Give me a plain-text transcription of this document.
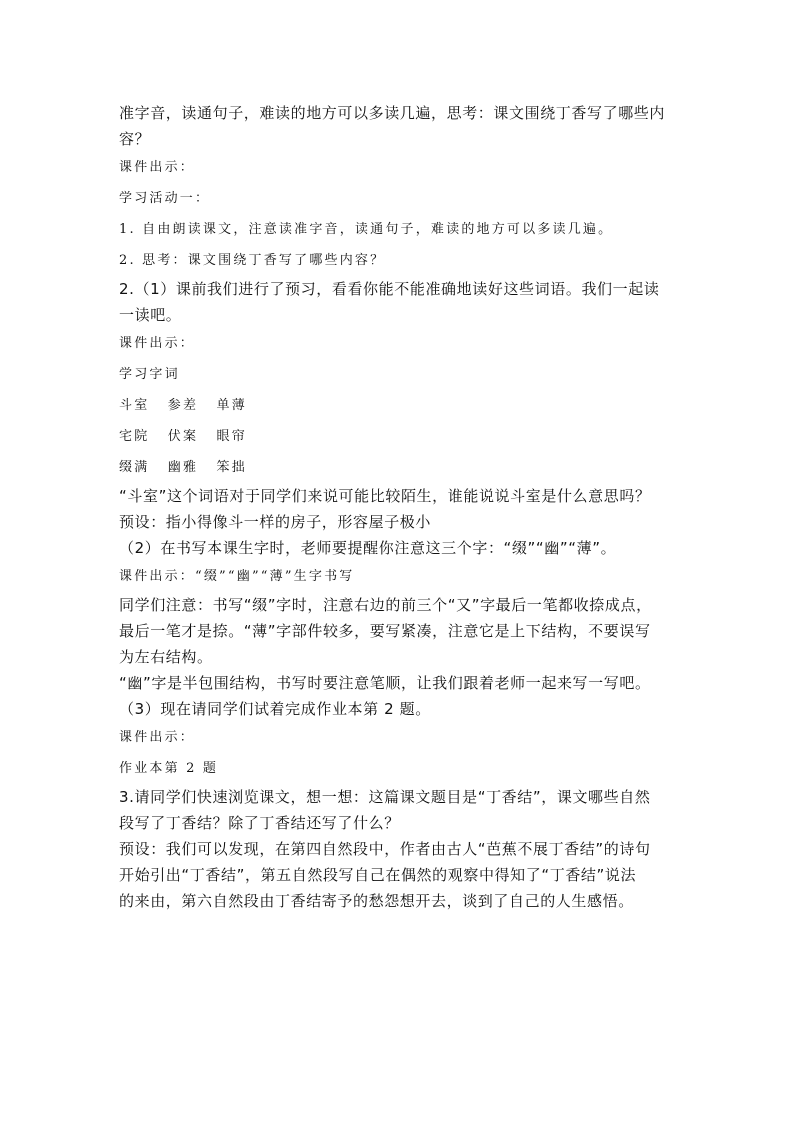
准字音，读通句子，难读的地方可以多读几遍，思考：课文围绕丁香写了哪些内
容？
课件出示：
学习活动一：
1. 自由朗读课文，注意读准字音，读通句子，难读的地方可以多读几遍。
2. 思考：课文围绕丁香写了哪些内容？
2.（1）课前我们进行了预习，看看你能不能准确地读好这些词语。我们一起读
一读吧。
课件出示：
学习字词
斗室 参差 单薄
宅院 伏案 眼帘
缀满 幽雅 笨拙
“斗室”这个词语对于同学们来说可能比较陌生，谁能说说斗室是什么意思吗？
预设：指小得像斗一样的房子，形容屋子极小
（2）在书写本课生字时，老师要提醒你注意这三个字：“缀”“幽”“薄”。
课件出示：“缀”“幽”“薄”生字书写
同学们注意：书写“缀”字时，注意右边的前三个“又”字最后一笔都收捺成点，
最后一笔才是捺。“薄”字部件较多，要写紧凑，注意它是上下结构，不要误写
为左右结构。
“幽”字是半包围结构，书写时要注意笔顺，让我们跟着老师一起来写一写吧。
（3）现在请同学们试着完成作业本第 2 题。
课件出示：
作业本第 2 题
3.请同学们快速浏览课文，想一想：这篇课文题目是“丁香结”，课文哪些自然
段写了丁香结？除了丁香结还写了什么？
预设：我们可以发现，在第四自然段中，作者由古人“芭蕉不展丁香结”的诗句
开始引出“丁香结”，第五自然段写自己在偶然的观察中得知了“丁香结”说法
的来由，第六自然段由丁香结寄予的愁怨想开去，谈到了自己的人生感悟。
